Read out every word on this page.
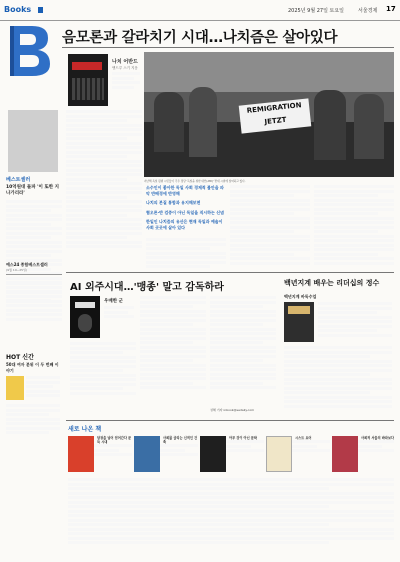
Books	2025년 9월 27일 토요일	서울경제 17
음모론과 갈라치기 시대…나치즘은 살아있다
나치 어반드
앤드루 스기 지음
REMIGRATION JETZT
지난해 독일 뮌헨 시민들이 극우 정당 '독일을 위한 대안(AfD)' 반대 시위에 참여하고 있다.
베스트셀러
10억원대 돌파 '이 또한 지나가리라'
소수인이 좋아한 독일 사회 경제적 불안을 파악 반배경에 반영해
나치의 본질 통합과 유지해보면
혐오론·반 검증이 아닌 독일을 직시하는 신념
한일인 나치즘의 유산은 현재 독일과 예술이 사회 곳곳에 살아 있다
예스24 종합베스트셀러
(9월 19~25일)
HOT 신간
50대 여자 분위 이 두 번째 이야기
AI 외주시대…'맹종' 말고 감독하라
우매한 군
성해 기자 inbook@sedaily.com
백년지계 배우는 리더십의 정수
백년지계 바둑수업
새로 나온 책
담장을 넘어 얻어간다 문득 시대
사회를 굴리는 신적인 건축
아무 것이 아닌 문학	시스트 요어	사회적 서울의 바라보다
